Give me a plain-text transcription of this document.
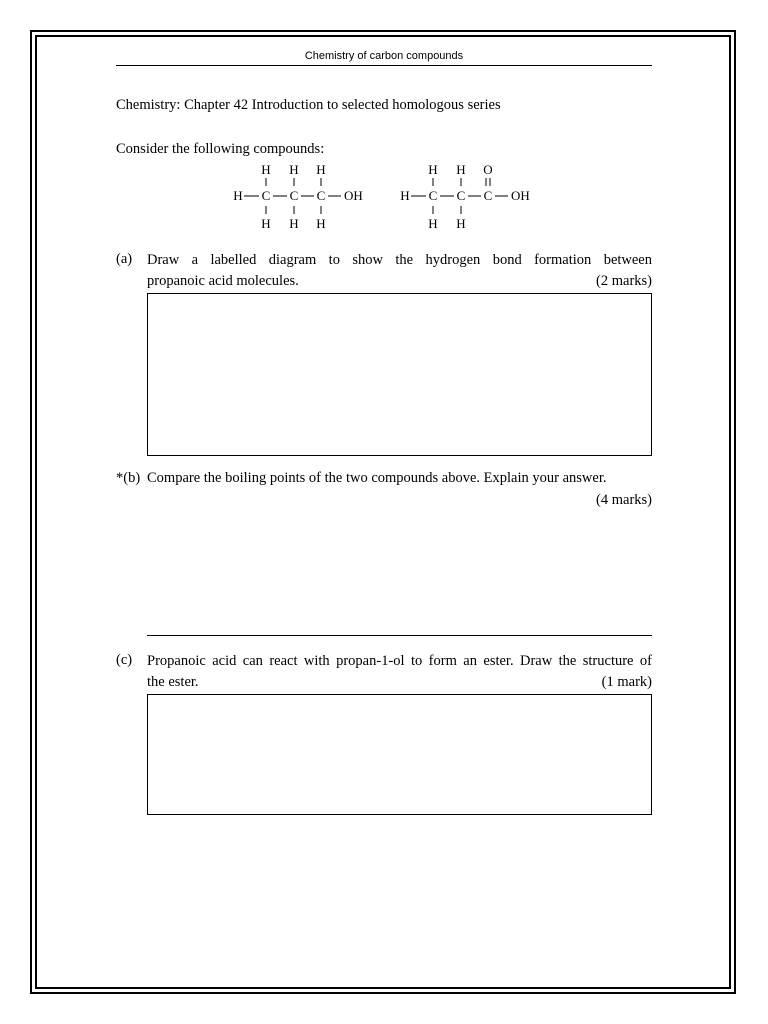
Chemistry of carbon compounds
Chemistry: Chapter 42 Introduction to selected homologous series
Consider the following compounds:
H H H
H C C C OH
H H H
H H O
H C C C OH
H H
(a) Draw a labelled diagram to show the hydrogen bond formation between
propanoic acid molecules.	(2 marks)
*(b) Compare the boiling points of the two compounds above. Explain your answer.
(4 marks)
(c) Propanoic acid can react with propan-1-ol to form an ester. Draw the structure of
the ester.	(1 mark)
